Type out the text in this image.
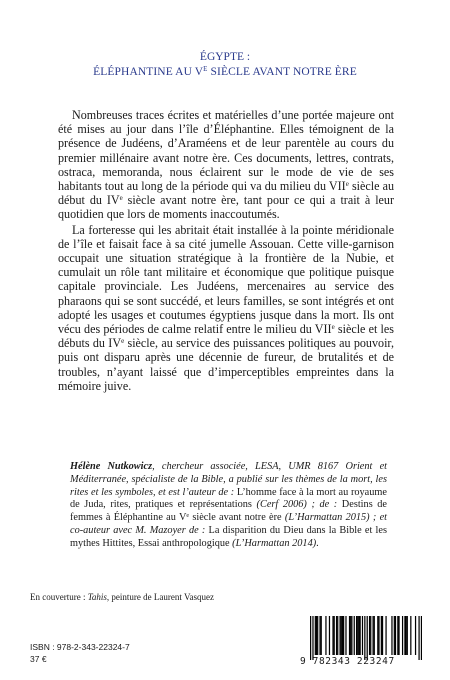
ÉGYPTE :
ÉLÉPHANTINE AU $V^E$ SIÈCLE AVANT NOTRE ÈRE

Nombreuses traces écrites et matérielles d’une portée majeure ont été mises au jour dans l’île d’Éléphantine. Elles témoignent de la présence de Judéens, d’Araméens et de leur parentèle au cours du premier millénaire avant notre ère. Ces documents, lettres, contrats, ostraca, memoranda, nous éclairent sur le mode de vie de ses habitants tout au long de la période qui va du milieu du VIIe siècle au début du IVe siècle avant notre ère, tant pour ce qui a trait à leur quotidien que lors de moments inaccoutumés.

La forteresse qui les abritait était installée à la pointe méridionale de l’île et faisait face à sa cité jumelle Assouan. Cette ville-garnison occupait une situation stratégique à la frontière de la Nubie, et cumulait un rôle tant militaire et économique que politique puisque capitale provinciale. Les Judéens, mercenaires au service des pharaons qui se sont succédé, et leurs familles, se sont intégrés et ont adopté les usages et coutumes égyptiens jusque dans la mort. Ils ont vécu des périodes de calme relatif entre le milieu du VIIe siècle et les débuts du IVe siècle, au service des puissances politiques au pouvoir, puis ont disparu après une décennie de fureur, de brutalités et de troubles, n’ayant laissé que d’imperceptibles empreintes dans la mémoire juive.

Hélène Nutkowicz, chercheur associée, LESA, UMR 8167 Orient et Méditerranée, spécialiste de la Bible, a publié sur les thèmes de la mort, les rites et les symboles, et est l’auteur de : L’homme face à la mort au royaume de Juda, rites, pratiques et représentations (Cerf 2006) ; de : Destins de femmes à Éléphantine au Ve siècle avant notre ère (L’Harmattan 2015) ; et co-auteur avec M. Mazoyer de : La disparition du Dieu dans la Bible et les mythes Hittites, Essai anthropologique (L’Harmattan 2014).
En couverture : Tahis, peinture de Laurent Vasquez
ISBN : 978-2-343-22324-7
37 €	9 782343 223247
